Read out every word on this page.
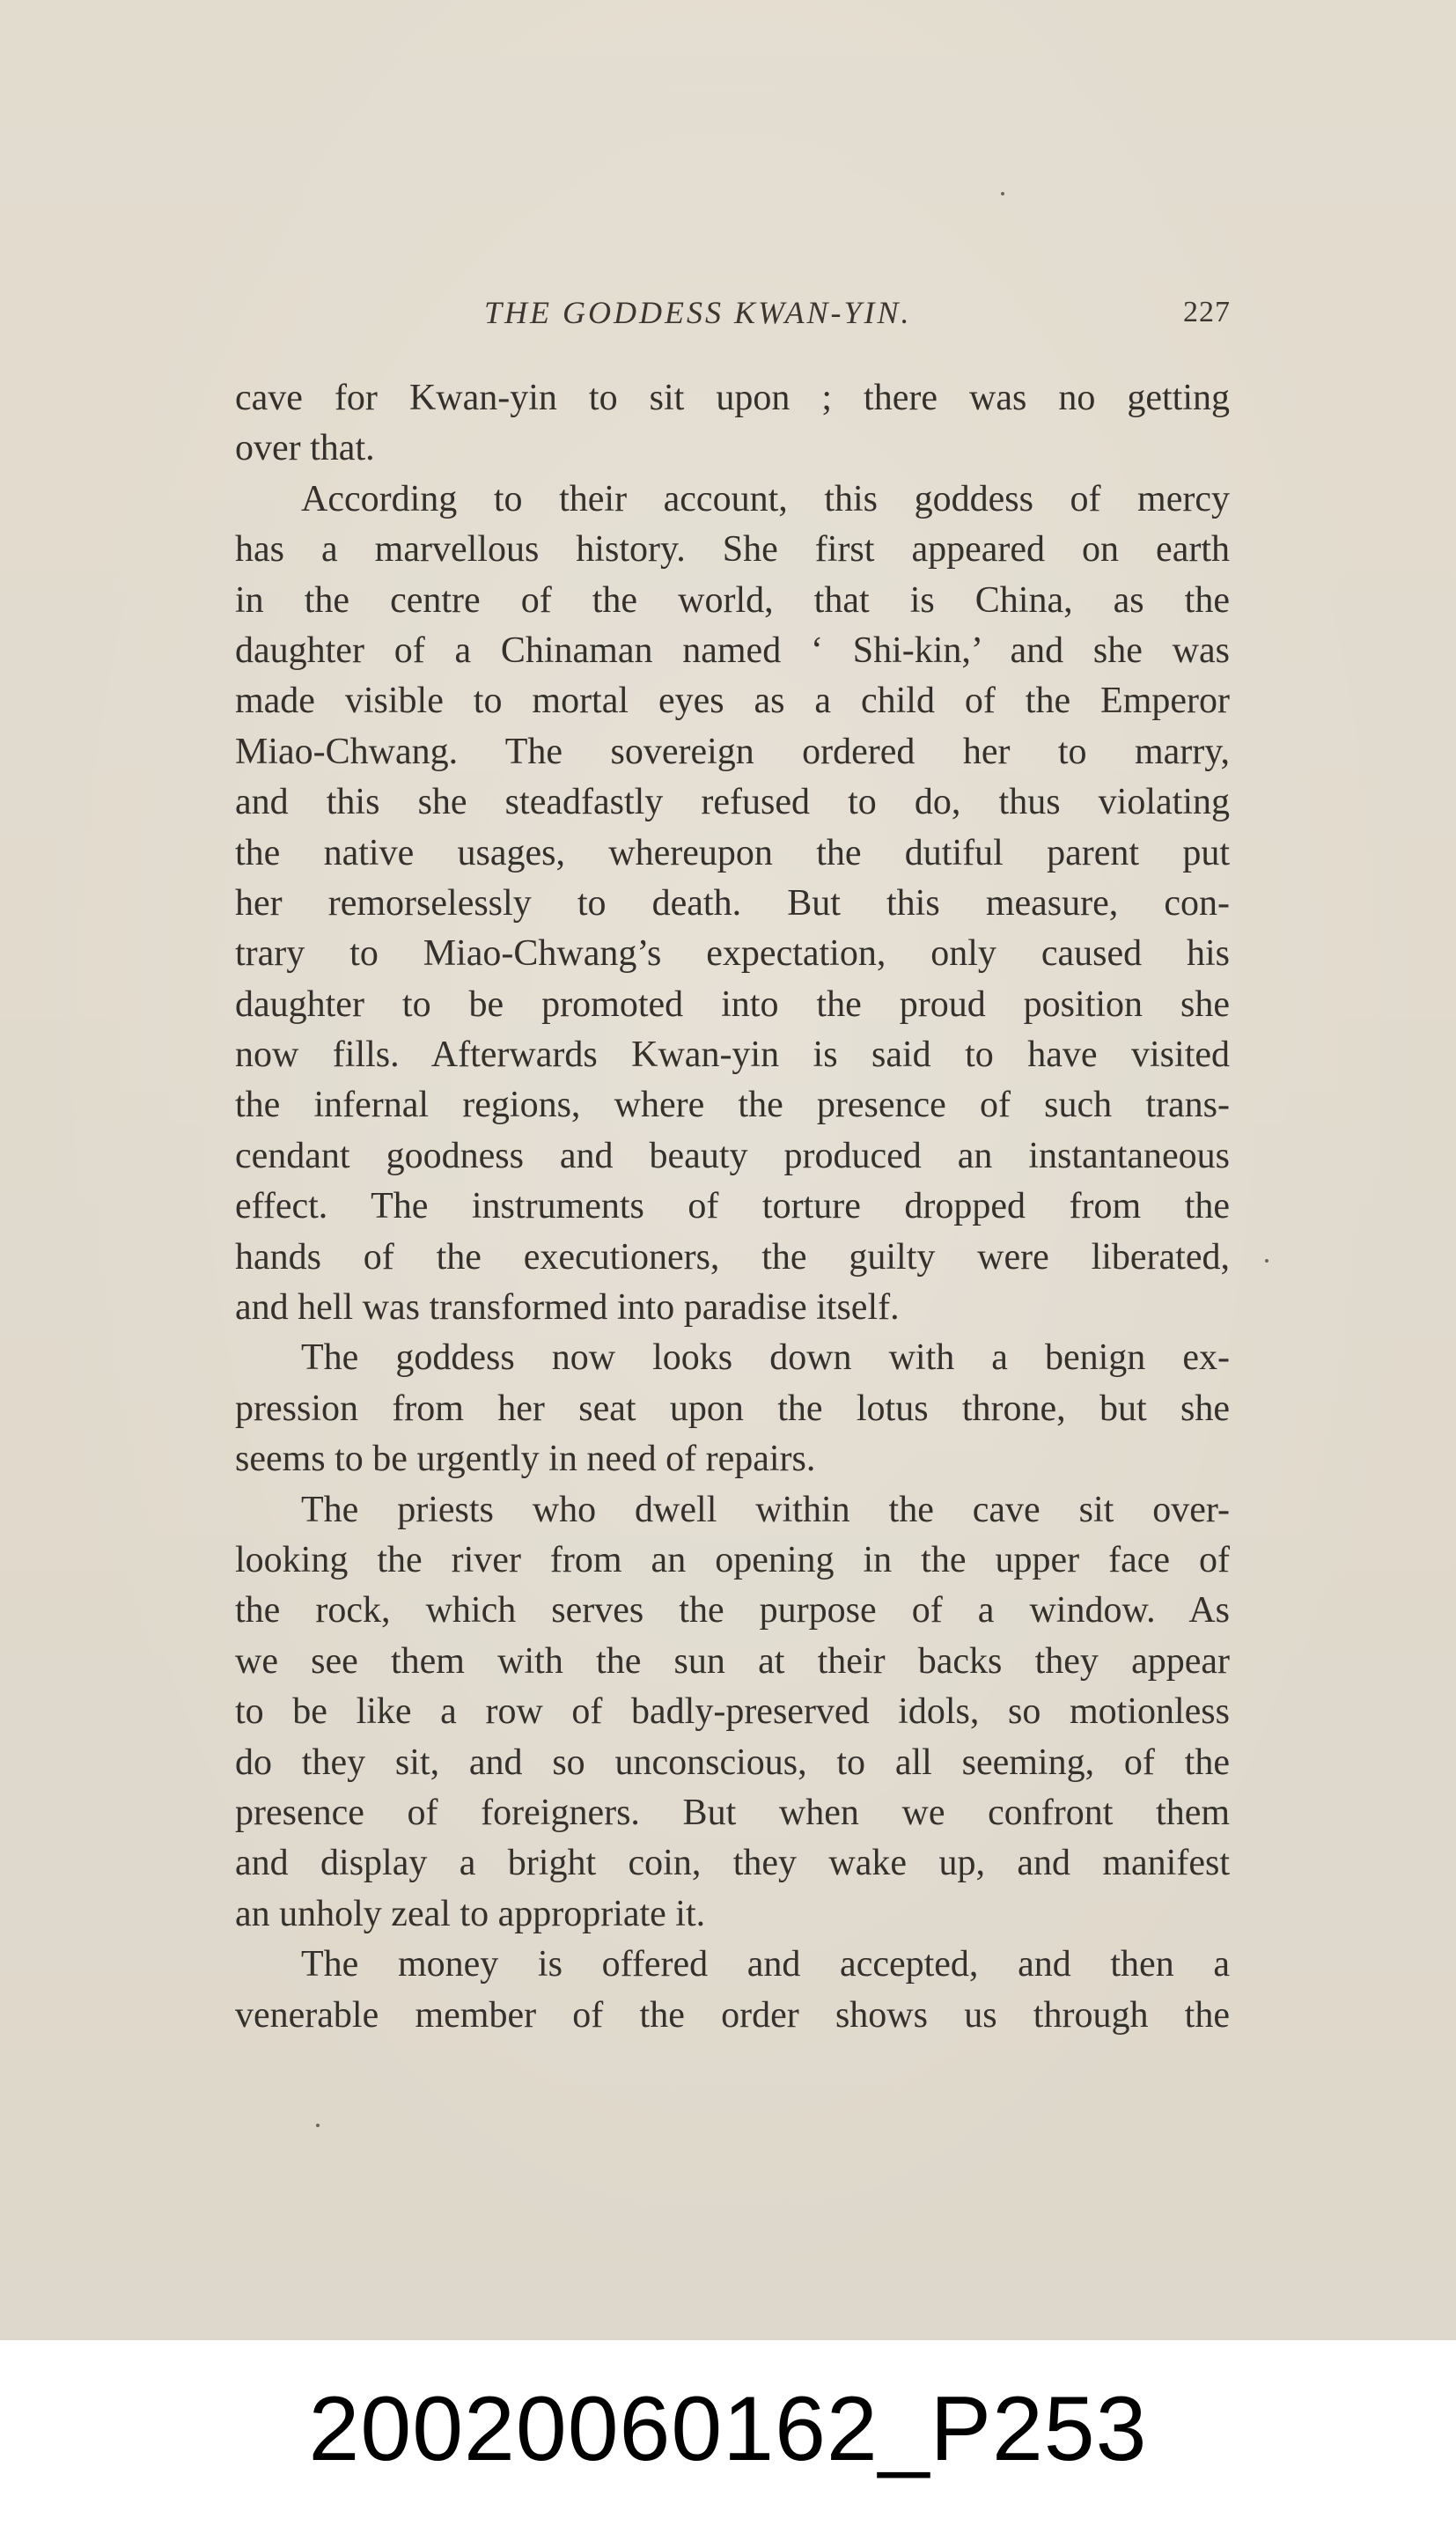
THE GODDESS KWAN-YIN.	227
cave for Kwan-yin to sit upon ; there was no getting
over that.
According to their account, this goddess of mercy
has a marvellous history. She first appeared on earth
in the centre of the world, that is China, as the
daughter of a Chinaman named ‘ Shi-kin,’ and she was
made visible to mortal eyes as a child of the Emperor
Miao-Chwang. The sovereign ordered her to marry,
and this she steadfastly refused to do, thus violating
the native usages, whereupon the dutiful parent put
her remorselessly to death. But this measure, con-
trary to Miao-Chwang’s expectation, only caused his
daughter to be promoted into the proud position she
now fills. Afterwards Kwan-yin is said to have visited
the infernal regions, where the presence of such trans-
cendant goodness and beauty produced an instantaneous
effect. The instruments of torture dropped from the
hands of the executioners, the guilty were liberated,
and hell was transformed into paradise itself.
The goddess now looks down with a benign ex-
pression from her seat upon the lotus throne, but she
seems to be urgently in need of repairs.
The priests who dwell within the cave sit over-
looking the river from an opening in the upper face of
the rock, which serves the purpose of a window. As
we see them with the sun at their backs they appear
to be like a row of badly-preserved idols, so motionless
do they sit, and so unconscious, to all seeming, of the
presence of foreigners. But when we confront them
and display a bright coin, they wake up, and manifest
an unholy zeal to appropriate it.
The money is offered and accepted, and then a
venerable member of the order shows us through the
20020060162_P253
